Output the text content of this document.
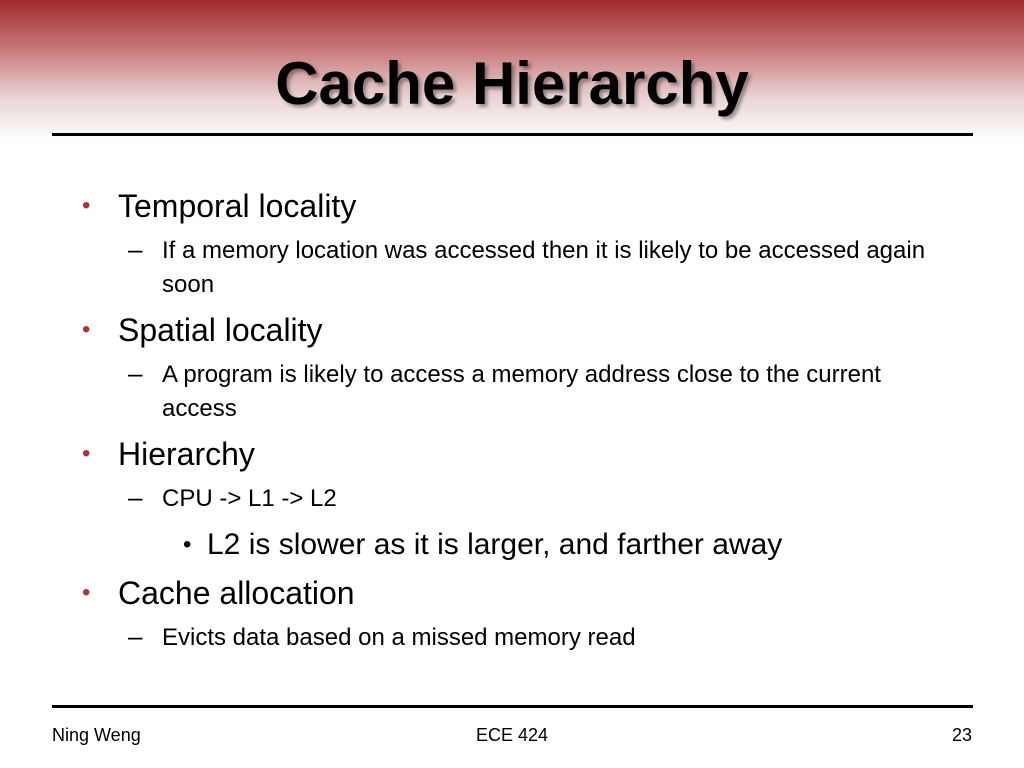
Cache Hierarchy
• Temporal locality
– If a memory location was accessed then it is likely to be accessed again soon
• Spatial locality
– A program is likely to access a memory address close to the current access
• Hierarchy
– CPU -> L1 -> L2
• L2 is slower as it is larger, and farther away
• Cache allocation
– Evicts data based on a missed memory read
Ning Weng	ECE 424	23
